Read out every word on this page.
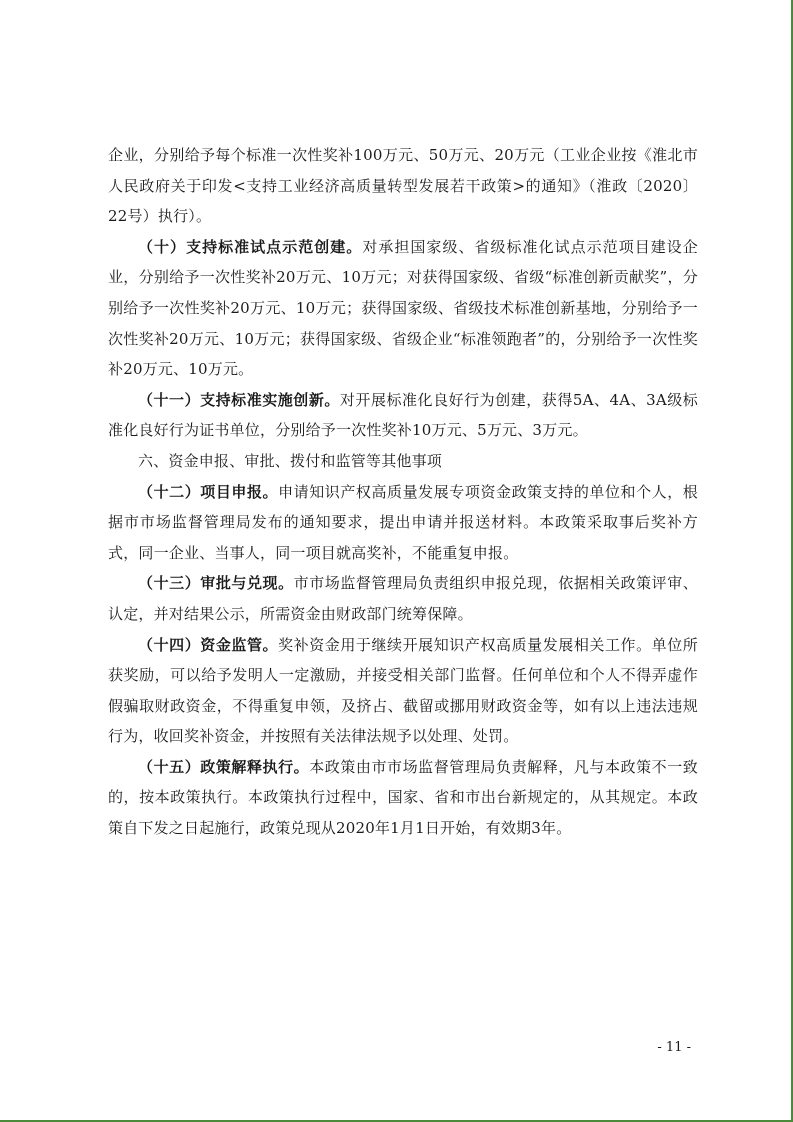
企业，分别给予每个标准一次性奖补100万元、50万元、20万元（工业企业按《淮北市人民政府关于印发<支持工业经济高质量转型发展若干政策>的通知》（淮政〔2020〕22号）执行）。

（十）支持标准试点示范创建。对承担国家级、省级标准化试点示范项目建设企业，分别给予一次性奖补20万元、10万元；对获得国家级、省级“标准创新贡献奖”，分别给予一次性奖补20万元、10万元；获得国家级、省级技术标准创新基地，分别给予一次性奖补20万元、10万元；获得国家级、省级企业“标准领跑者”的，分别给予一次性奖补20万元、10万元。

（十一）支持标准实施创新。对开展标准化良好行为创建，获得5A、4A、3A级标准化良好行为证书单位，分别给予一次性奖补10万元、5万元、3万元。

六、资金申报、审批、拨付和监管等其他事项

（十二）项目申报。申请知识产权高质量发展专项资金政策支持的单位和个人，根据市市场监督管理局发布的通知要求，提出申请并报送材料。本政策采取事后奖补方式，同一企业、当事人，同一项目就高奖补，不能重复申报。

（十三）审批与兑现。市市场监督管理局负责组织申报兑现，依据相关政策评审、认定，并对结果公示，所需资金由财政部门统筹保障。

（十四）资金监管。奖补资金用于继续开展知识产权高质量发展相关工作。单位所获奖励，可以给予发明人一定激励，并接受相关部门监督。任何单位和个人不得弄虚作假骗取财政资金，不得重复申领，及挤占、截留或挪用财政资金等，如有以上违法违规行为，收回奖补资金，并按照有关法律法规予以处理、处罚。

（十五）政策解释执行。本政策由市市场监督管理局负责解释，凡与本政策不一致的，按本政策执行。本政策执行过程中，国家、省和市出台新规定的，从其规定。本政策自下发之日起施行，政策兑现从2020年1月1日开始，有效期3年。

- 11 -
